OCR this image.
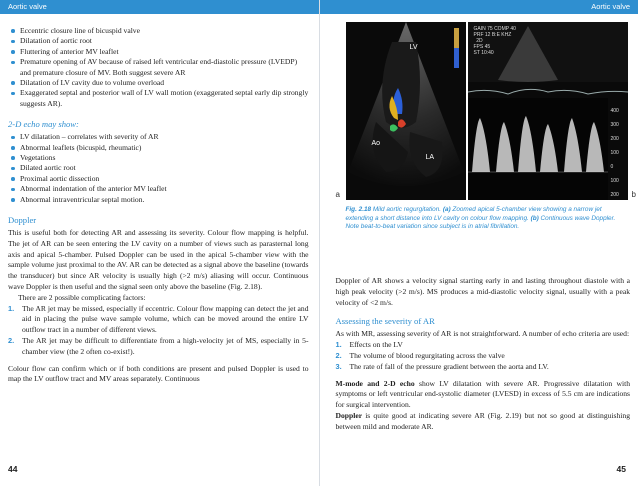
Aortic valve
Eccentric closure line of bicuspid valve
Dilatation of aortic root
Fluttering of anterior MV leaflet
Premature opening of AV because of raised left ventricular end-diastolic pressure (LVEDP) and premature closure of MV. Both suggest severe AR
Dilatation of LV cavity due to volume overload
Exaggerated septal and posterior wall of LV wall motion (exaggerated septal early dip strongly suggests AR).
2-D echo may show:
LV dilatation – correlates with severity of AR
Abnormal leaflets (bicuspid, rheumatic)
Vegetations
Dilated aortic root
Proximal aortic dissection
Abnormal indentation of the anterior MV leaflet
Abnormal intraventricular septal motion.
Doppler

This is useful both for detecting AR and assessing its severity. Colour flow mapping is helpful. The jet of AR can be seen entering the LV cavity on a number of views such as parasternal long axis and apical 5-chamber. Pulsed Doppler can be used in the apical 5-chamber view with the sample volume just proximal to the AV. AR can be detected as a signal above the baseline (towards the transducer) but since AR velocity is usually high (>2 m/s) aliasing will occur. Continuous wave Doppler is then useful and the signal seen only above the baseline (Fig. 2.18).

There are 2 possible complicating factors:

1. The AR jet may be missed, especially if eccentric. Colour flow mapping can detect the jet and aid in placing the pulse wave sample volume, which can be moved around the entire LV outflow tract in a number of different views.
2. The AR jet may be difficult to differentiate from a high-velocity jet of MS, especially in 5-chamber view (the 2 often co-exist!).

Colour flow can confirm which or if both conditions are present and pulsed Doppler is used to map the LV outflow tract and MV areas separately. Continuous

44
Aortic valve
LV
Ao
LA
GAIN 75 COMP 40
PRF 12 B:E KHZ
2D
FPS 45
ST 10:40
400
300
200
100
0
100
200
a	b
Fig. 2.18 Mild aortic regurgitation. (a) Zoomed apical 5-chamber view showing a narrow jet extending a short distance into LV cavity on colour flow mapping. (b) Continuous wave Doppler. Note beat-to-beat variation since subject is in atrial fibrillation.

Doppler of AR shows a velocity signal starting early in and lasting throughout diastole with a high peak velocity (>2 m/s). MS produces a mid-diastolic velocity signal, usually with a peak velocity of <2 m/s.

Assessing the severity of AR

As with MR, assessing severity of AR is not straightforward. A number of echo criteria are used:

1. Effects on the LV
2. The volume of blood regurgitating across the valve
3. The rate of fall of the pressure gradient between the aorta and LV.

M-mode and 2-D echo show LV dilatation with severe AR. Progressive dilatation with symptoms or left ventricular end-systolic diameter (LVESD) in excess of 5.5 cm are indications for surgical intervention.

Doppler is quite good at indicating severe AR (Fig. 2.19) but not so good at distinguishing between mild and moderate AR.

45
